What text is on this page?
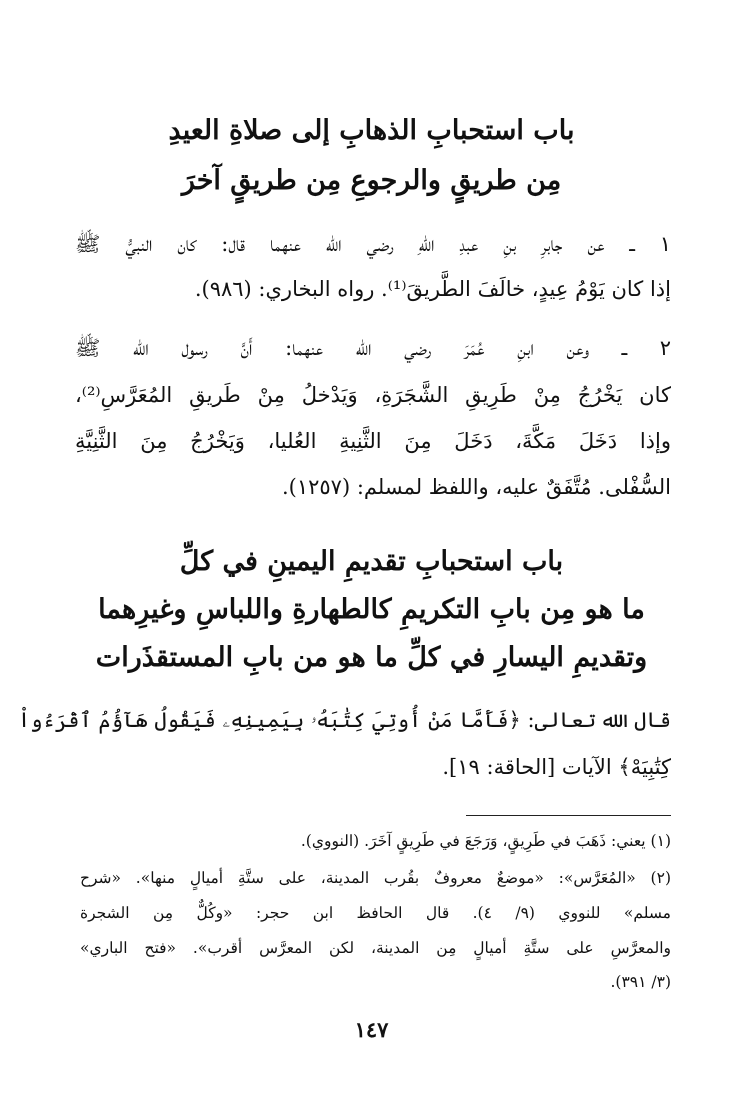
باب استحبابِ الذهابِ إلى صلاةِ العيدِ
مِن طريقٍ والرجوعِ مِن طريقٍ آخرَ
١ ــ عن جابرِ بنِ عبدِ اللهِ رضي الله عنهما قال: كان النبيُّ ﷺ
إذا كان يَوْمُ عِيدٍ، خالَفَ الطَّريقَ⁽¹⁾. رواه البخاري: (٩٨٦).
٢ ــ وعن ابنِ عُمَرَ رضي الله عنهما: أَنَّ رسول الله ﷺ
كان يَخْرُجُ مِنْ طَرِيقِ الشَّجَرَةِ، وَيَدْخلُ مِنْ طَريقِ المُعَرَّسِ⁽²⁾،
وإذا دَخَلَ مَكَّةَ، دَخَلَ مِنَ الثَّنِيةِ العُليا، وَيَخْرُجُ مِنَ الثَّنِيَّةِ
السُّفْلى. مُتَّفَقٌ عليه، واللفظ لمسلم: (١٢٥٧).
باب استحبابِ تقديمِ اليمينِ في كلِّ
ما هو مِن بابِ التكريمِ كالطهارةِ واللباسِ وغيرِهما
وتقديمِ اليسارِ في كلِّ ما هو من بابِ المستقذَرات
قال الله تعالى: ﴿فَأَمَّا مَنْ أُوتِيَ كِتَٰبَهُۥ بِيَمِينِهِۦ فَيَقُولُ هَآؤُمُ ٱقْرَءُواْ
كِتَٰبِيَهْ﴾ الآيات [الحاقة: ١٩].
(١) يعني: ذَهَبَ في طَرِيقٍ، وَرَجَعَ في طَرِيقٍ آخَرَ. (النووي).
(٢) «المُعَرَّس»: «موضعٌ معروفٌ بقُرب المدينة، على ستَّةِ أميالٍ منها». «شرح
مسلم» للنووي (٩/ ٤). قال الحافظ ابن حجر: «وكُلٌّ مِن الشجرة
والمعرَّسِ على ستَّةِ أميالٍ مِن المدينة، لكن المعرَّس أقرب». «فتح الباري»
(٣/ ٣٩١).
١٤٧
